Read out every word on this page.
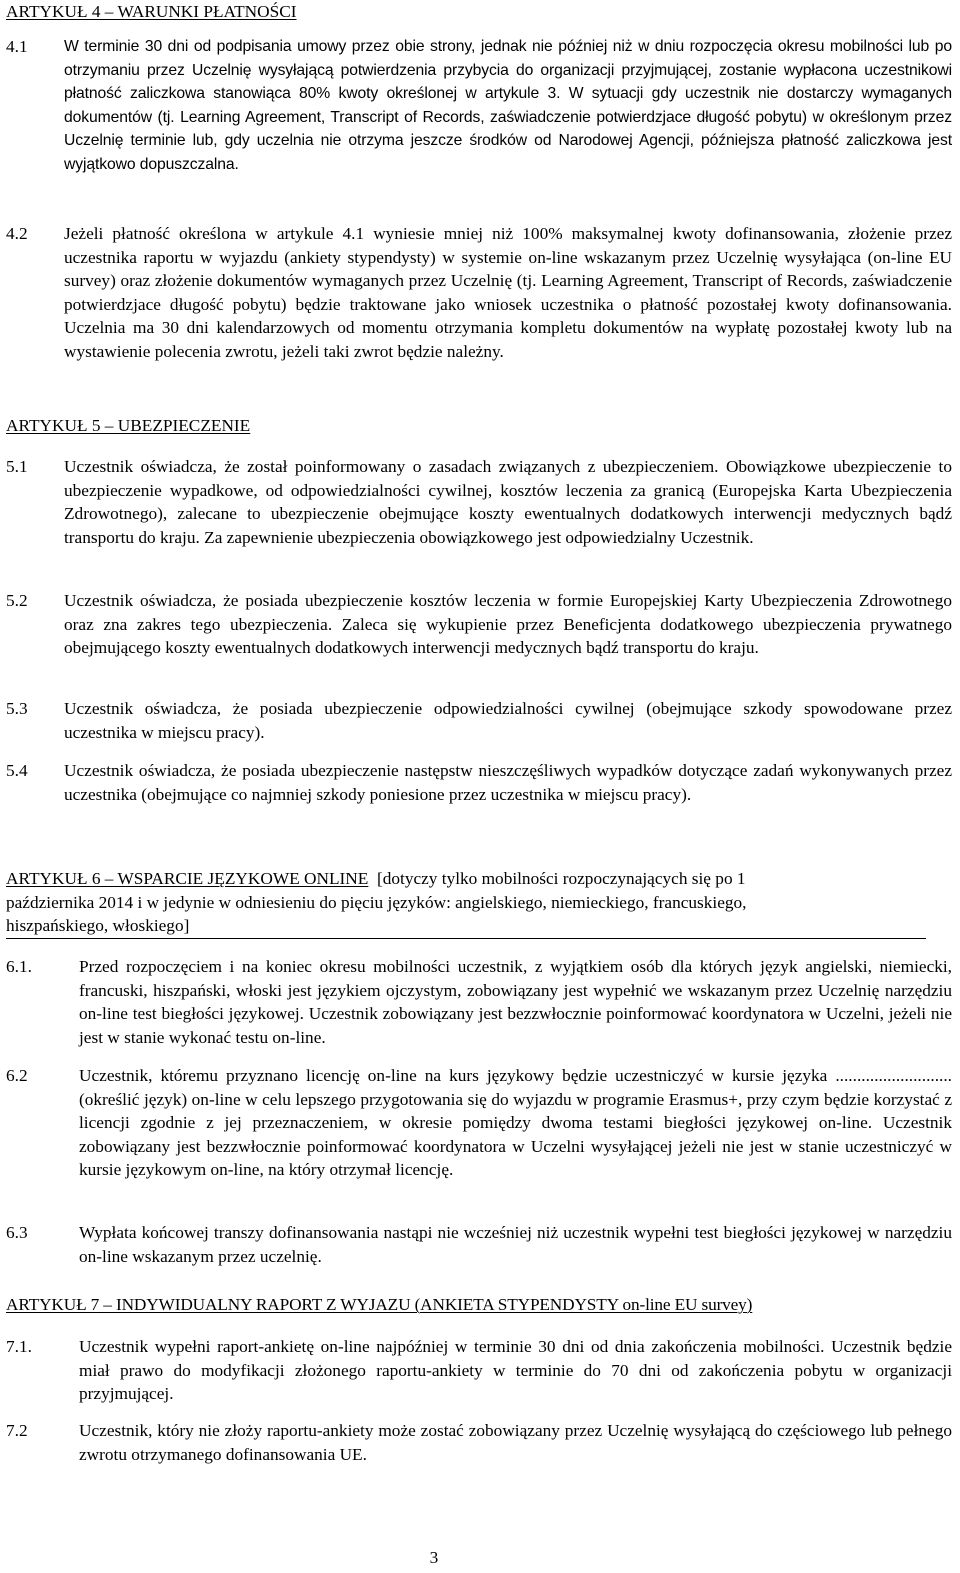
ARTYKUŁ 4 – WARUNKI PŁATNOŚCI
4.1 W terminie 30 dni od podpisania umowy przez obie strony, jednak nie później niż w dniu rozpoczęcia okresu mobilności lub po otrzymaniu przez Uczelnię wysyłającą potwierdzenia przybycia do organizacji przyjmującej, zostanie wypłacona uczestnikowi płatność zaliczkowa stanowiąca 80% kwoty określonej w artykule 3. W sytuacji gdy uczestnik nie dostarczy wymaganych dokumentów (tj. Learning Agreement, Transcript of Records, zaświadczenie potwierdzjace długość pobytu) w określonym przez Uczelnię terminie lub, gdy uczelnia nie otrzyma jeszcze środków od Narodowej Agencji, późniejsza płatność zaliczkowa jest wyjątkowo dopuszczalna.
4.2 Jeżeli płatność określona w artykule 4.1 wyniesie mniej niż 100% maksymalnej kwoty dofinansowania, złożenie przez uczestnika raportu w wyjazdu (ankiety stypendysty) w systemie on-line wskazanym przez Uczelnię wysyłająca (on-line EU survey) oraz złożenie dokumentów wymaganych przez Uczelnię (tj. Learning Agreement, Transcript of Records, zaświadczenie potwierdzjace długość pobytu) będzie traktowane jako wniosek uczestnika o płatność pozostałej kwoty dofinansowania. Uczelnia ma 30 dni kalendarzowych od momentu otrzymania kompletu dokumentów na wypłatę pozostałej kwoty lub na wystawienie polecenia zwrotu, jeżeli taki zwrot będzie należny.
ARTYKUŁ 5 – UBEZPIECZENIE
5.1 Uczestnik oświadcza, że został poinformowany o zasadach związanych z ubezpieczeniem. Obowiązkowe ubezpieczenie to ubezpieczenie wypadkowe, od odpowiedzialności cywilnej, kosztów leczenia za granicą (Europejska Karta Ubezpieczenia Zdrowotnego), zalecane to ubezpieczenie obejmujące koszty ewentualnych dodatkowych interwencji medycznych bądź transportu do kraju. Za zapewnienie ubezpieczenia obowiązkowego jest odpowiedzialny Uczestnik.
5.2 Uczestnik oświadcza, że posiada ubezpieczenie kosztów leczenia w formie Europejskiej Karty Ubezpieczenia Zdrowotnego oraz zna zakres tego ubezpieczenia. Zaleca się wykupienie przez Beneficjenta dodatkowego ubezpieczenia prywatnego obejmującego koszty ewentualnych dodatkowych interwencji medycznych bądź transportu do kraju.
5.3 Uczestnik oświadcza, że posiada ubezpieczenie odpowiedzialności cywilnej (obejmujące szkody spowodowane przez uczestnika w miejscu pracy).
5.4 Uczestnik oświadcza, że posiada ubezpieczenie następstw nieszczęśliwych wypadków dotyczące zadań wykonywanych przez uczestnika (obejmujące co najmniej szkody poniesione przez uczestnika w miejscu pracy).
ARTYKUŁ 6 – WSPARCIE JĘZYKOWE ONLINE [dotyczy tylko mobilności rozpoczynających się po 1
października 2014 i w jedynie w odniesieniu do pięciu języków: angielskiego, niemieckiego, francuskiego,
hiszpańskiego, włoskiego]
6.1.	Przed rozpoczęciem i na koniec okresu mobilności uczestnik, z wyjątkiem osób dla których język angielski, niemiecki, francuski, hiszpański, włoski jest językiem ojczystym, zobowiązany jest wypełnić we wskazanym przez Uczelnię narzędziu on-line test biegłości językowej. Uczestnik zobowiązany jest bezzwłocznie poinformować koordynatora w Uczelni, jeżeli nie jest w stanie wykonać testu on-line.
6.2	Uczestnik, któremu przyznano licencję on-line na kurs językowy będzie uczestniczyć w kursie języka ........................... (określić język) on-line w celu lepszego przygotowania się do wyjazdu w programie Erasmus+, przy czym będzie korzystać z licencji zgodnie z jej przeznaczeniem, w okresie pomiędzy dwoma testami biegłości językowej on-line. Uczestnik zobowiązany jest bezzwłocznie poinformować koordynatora w Uczelni wysyłającej jeżeli nie jest w stanie uczestniczyć w kursie językowym on-line, na który otrzymał licencję.
6.3	Wypłata końcowej transzy dofinansowania nastąpi nie wcześniej niż uczestnik wypełni test biegłości językowej w narzędziu on-line wskazanym przez uczelnię.
ARTYKUŁ 7 – INDYWIDUALNY RAPORT Z WYJAZU (ANKIETA STYPENDYSTY on-line EU survey)
7.1.	Uczestnik wypełni raport-ankietę on-line najpóźniej w terminie 30 dni od dnia zakończenia mobilności. Uczestnik będzie miał prawo do modyfikacji złożonego raportu-ankiety w terminie do 70 dni od zakończenia pobytu w organizacji przyjmującej.
7.2	Uczestnik, który nie złoży raportu-ankiety może zostać zobowiązany przez Uczelnię wysyłającą do częściowego lub pełnego zwrotu otrzymanego dofinansowania UE.
3
